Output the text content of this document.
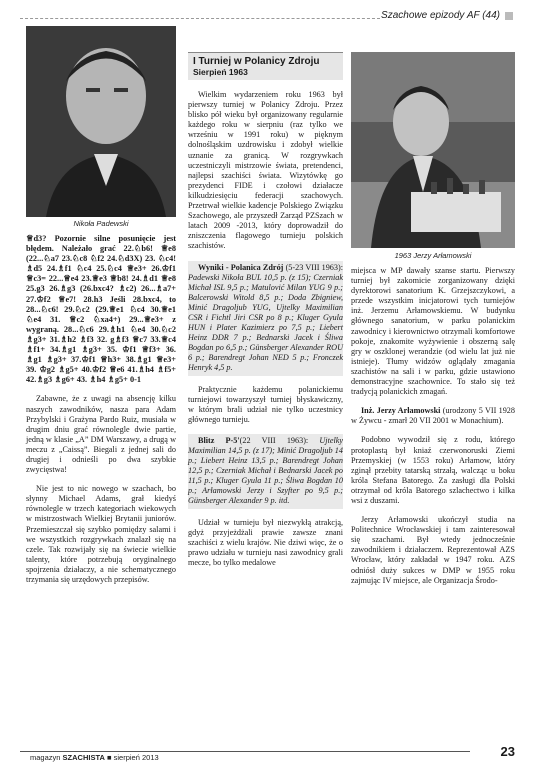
Szachowe epizody AF (44)
Nikoła Padewski
♕d3? Pozornie silne posunięcie jest błędem. Należało grać 22.♘b6! ♕e8 (22...♘a7 23.♘c8 ♘f2 24.♘d3X) 23. ♘c4! ♗d5 24.♗f1 ♘c4 25.♘c4 ♕e3+ 26.♔f1 ♕c3= 22...♕e4 23.♕e3 ♕b8! 24.♗d1 ♕e8 25.g3 26.♗g3 (26.bxc4? ♗c2) 26...♗a7+ 27.♔f2 ♕e7! 28.h3 Jeśli 28.bxc4, to 28...♘c6! 29.♘c2 (29.♕e1 ♘c4 30.♕e1 ♘e4 31. ♕c2 ♘xa4+) 29...♕e3+ z wygraną. 28...♘c6 29.♗h1 ♘e4 30.♘c2 ♗g3+ 31.♗h2 ♗f3 32. g♗f3 ♕c7 33.♕c4 ♗f1+ 34.♗g1 ♗g3+ 35. ♔f1 ♕f3+ 36. ♗g1 ♗g3+ 37.♔f1 ♕h3+ 38.♗g1 ♕e3+ 39. ♔g2 ♗g5+ 40.♔f2 ♕e6 41.♗h4 ♗f5+ 42.♗g3 ♗g6+ 43. ♗h4 ♗g5+ 0-1

Zabawne, że z uwagi na absencję kilku naszych zawodników, nasza para Adam Przybylski i Grażyna Pardo Ruiz, musiała w drugim dniu grać równolegle dwie partie, jedną w klasie „A” DM Warszawy, a drugą w meczu z „Caissą”. Biegali z jednej sali do drugiej i odnieśli po dwa szybkie zwycięstwa!

Nie jest to nic nowego w szachach, bo słynny Michael Adams, grał kiedyś równolegle w trzech kategoriach wiekowych w mistrzostwach Wielkiej Brytanii juniorów. Przemieszczał się szybko pomiędzy salami i we wszystkich rozgrywkach znalazł się na czele. Tak rozwijały się na świecie wielkie talenty, które potrzebują oryginalnego spojrzenia działaczy, a nie schematycznego trzymania się urzędowych przepisów.

I Turniej w Polanicy Zdroju
Sierpień 1963

Wielkim wydarzeniem roku 1963 był pierwszy turniej w Polanicy Zdroju. Przez blisko pół wieku był organizowany regularnie każdego roku w sierpniu (raz tylko we wrześniu w 1991 roku) w pięknym dolnośląskim uzdrowisku i zdobył wielkie uznanie za granicą. W rozgrywkach uczestniczyli mistrzowie świata, pretendenci, najlepsi szachiści świata. Wizytówkę go prezydenci FIDE i czołowi działacze kilkudziesięciu federacji szachowych. Przetrwał wielkie kadencje Polskiego Związku Szachowego, ale przyszedł Zarząd PZSzach w latach 2009 -2013, który doprowadził do zniszczenia flagowego turnieju polskich szachistów.

Wyniki - Polanica Zdrój (5-23 VIII 1963): Padewski Nikoła BUL 10,5 p. (z 15); Czerniak Michał ISL 9,5 p.; Matulović Milan YUG 9 p.; Balcerowski Witold 8,5 p.; Doda Zbigniew, Minić Dragoljub YUG, Ujtelky Maximilian CSR i Fichtl Jiri CSR po 8 p.; Kluger Gyula HUN i Plater Kazimierz po 7,5 p.; Liebert Heinz DDR 7 p.; Bednarski Jacek i Śliwa Bogdan po 6,5 p.; Günsberger Alexander ROU 6 p.; Barendregt Johan NED 5 p.; Fronczek Henryk 4,5 p.

Praktycznie każdemu polanickiemu turniejowi towarzyszył turniej błyskawiczny, w którym brali udział nie tylko uczestnicy głównego turnieju.

Blitz P-5'(22 VIII 1963): Ujtelky Maximilian 14,5 p. (z 17); Minić Dragoljub 14 p.; Liebert Heinz 13,5 p.; Barendregt Johan 12,5 p.; Czerniak Michał i Bednarski Jacek po 11,5 p.; Kluger Gyula 11 p.; Śliwa Bogdan 10 p.; Arłamowski Jerzy i Szyfter po 9,5 p.; Günsberger Alexander 9 p. itd.

Udział w turnieju był niezwykłą atrakcją, gdyż przyjeżdżali prawie zawsze znani szachiści z wielu krajów. Nie dziwi więc, że o prawo udziału w turnieju nasi zawodnicy grali mecze, bo tylko medalowe

1963 Jerzy Arłamowski

miejsca w MP dawały szanse startu. Pierwszy turniej był zakomicie zorganizowany dzięki dyrektorowi sanatorium K. Grzejszczykowi, a przede wszystkim inicjatorowi tych turniejów inż. Jerzemu Arłamowskiemu. W budynku głównego sanatorium, w parku polanickim zawodnicy i kierownictwo otrzymali komfortowe pokoje, znakomite wyżywienie i obszerną salę gry w oszklonej werandzie (od wielu lat już nie istnieje). Tłumy widzów oglądały zmagania szachistów na sali i w parku, gdzie ustawiono demonstracyjne szachownice. To stało się też tradycją polanickich zmagań.

Inż. Jerzy Arłamowski (urodzony 5 VII 1928 w Żywcu - zmarł 20 VII 2001 w Monachium).

Podobno wywodził się z rodu, którego protoplastą był kniaź czerwonoruski Ziemi Przemyskiej (w 1553 roku) Arłamow, który zginął przebity tatarską strzałą, walcząc u boku króla Stefana Batorego. Za zasługi dla Polski otrzymał od króla Batorego szlachectwo i kilka wsi z duszami.

Jerzy Arłamowski ukończył studia na Politechnice Wrocławskiej i tam zainteresował się szachami. Był wtedy jednocześnie zawodnikiem i działaczem. Reprezentował AZS Wrocław, który zakładał w 1947 roku. AZS odniósł duży sukces w DMP w 1955 roku zajmując IV miejsce, ale Organizacja Środo-

magazyn SZACHISTA ■ sierpień 2013	23
